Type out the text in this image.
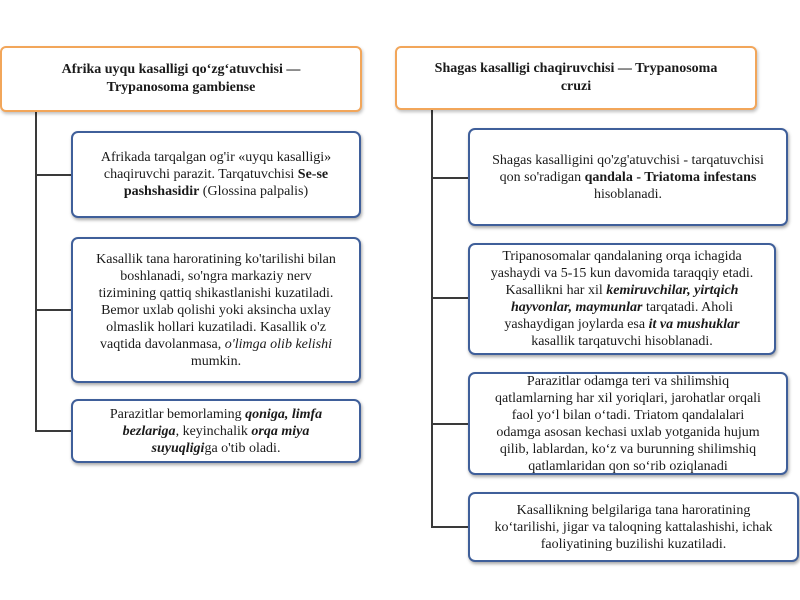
Afrika uyqu kasalligi qo‘zg‘atuvchisi —
Trypanosoma gambiense

Shagas kasalligi chaqiruvchisi — Trypanosoma
cruzi

Afrikada tarqalgan og'ir «uyqu kasalligi»
chaqiruvchi parazit. Tarqatuvchisi Se-se
pashshasidir (Glossina palpalis)

Kasallik tana haroratining ko'tarilishi bilan
boshlanadi, so'ngra markaziy nerv
tizimining qattiq shikastlanishi kuzatiladi.
Bemor uxlab qolishi yoki aksincha uxlay
olmaslik hollari kuzatiladi. Kasallik o'z
vaqtida davolanmasa, o'limga olib kelishi
mumkin.

Parazitlar bemorlaming qoniga, limfa
bezlariga, keyinchalik orqa miya
suyuqligiga o'tib oladi.

Shagas kasalligini qo'zg'atuvchisi - tarqatuvchisi
qon so'radigan qandala - Triatoma infestans
hisoblanadi.

Tripanosomalar qandalaning orqa ichagida
yashaydi va 5-15 kun davomida taraqqiy etadi.
Kasallikni har xil kemiruvchilar, yirtqich
hayvonlar, maymunlar tarqatadi. Aholi
yashaydigan joylarda esa it va mushuklar
kasallik tarqatuvchi hisoblanadi.

Parazitlar odamga teri va shilimshiq
qatlamlarning har xil yoriqlari, jarohatlar orqali
faol yo‘l bilan o‘tadi. Triatom qandalalari
odamga asosan kechasi uxlab yotganida hujum
qilib, lablardan, ko‘z va burunning shilimshiq
qatlamlaridan qon so‘rib oziqlanadi

Kasallikning belgilariga tana haroratining
ko‘tarilishi, jigar va taloqning kattalashishi, ichak
faoliyatining buzilishi kuzatiladi.
